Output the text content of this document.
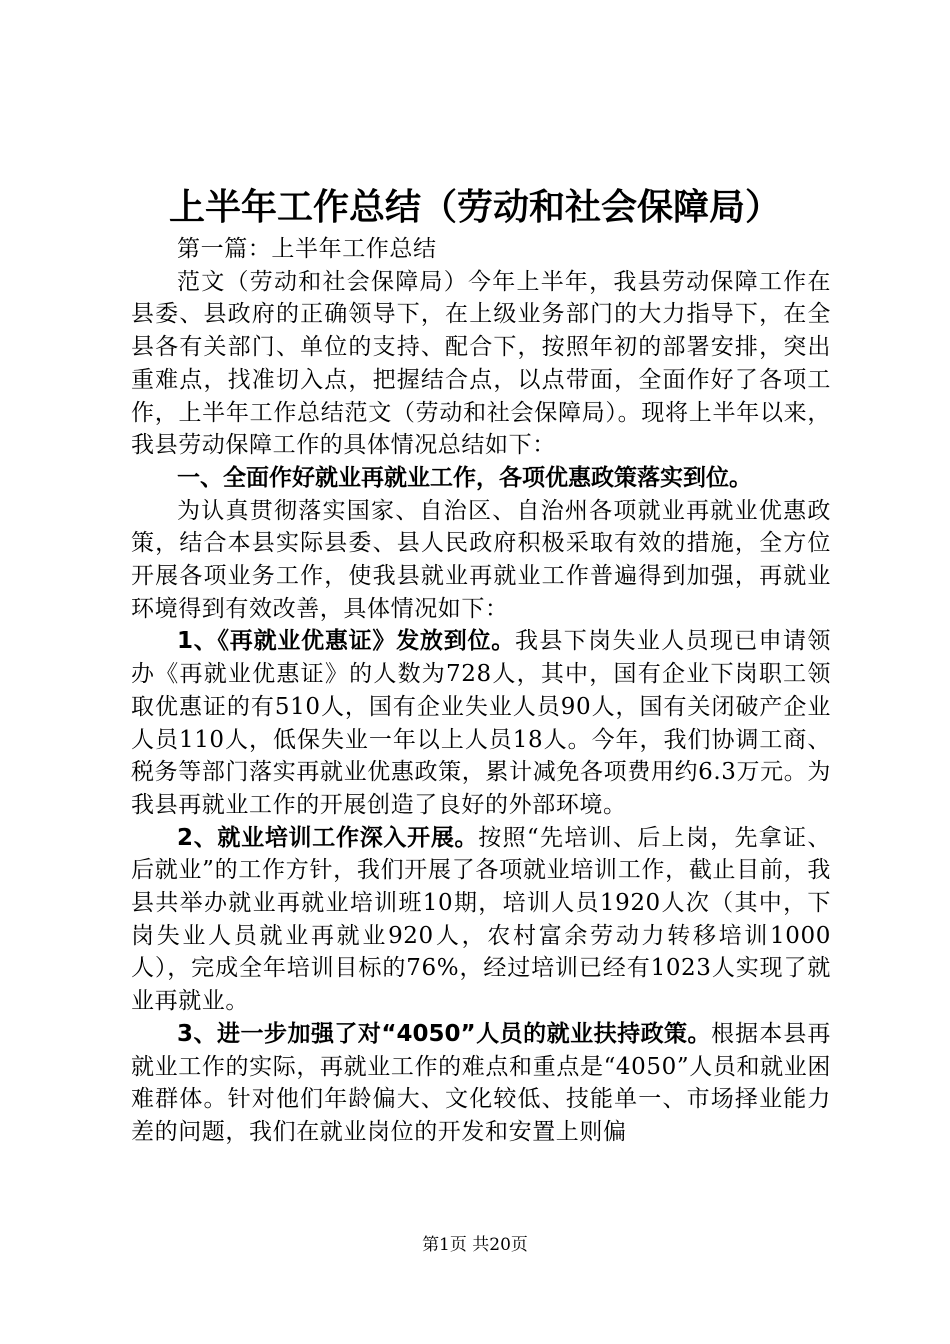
上半年工作总结（劳动和社会保障局）

第一篇：上半年工作总结

范文（劳动和社会保障局）今年上半年，我县劳动保障工作在县委、县政府的正确领导下，在上级业务部门的大力指导下，在全县各有关部门、单位的支持、配合下，按照年初的部署安排，突出重难点，找准切入点，把握结合点，以点带面，全面作好了各项工作，上半年工作总结范文（劳动和社会保障局）。现将上半年以来，我县劳动保障工作的具体情况总结如下：

一、全面作好就业再就业工作，各项优惠政策落实到位。

为认真贯彻落实国家、自治区、自治州各项就业再就业优惠政策，结合本县实际县委、县人民政府积极采取有效的措施，全方位开展各项业务工作，使我县就业再就业工作普遍得到加强，再就业环境得到有效改善，具体情况如下：

1、《再就业优惠证》发放到位。我县下岗失业人员现已申请领办《再就业优惠证》的人数为728人，其中，国有企业下岗职工领取优惠证的有510人，国有企业失业人员90人，国有关闭破产企业人员110人，低保失业一年以上人员18人。今年，我们协调工商、税务等部门落实再就业优惠政策，累计减免各项费用约6.3万元。为我县再就业工作的开展创造了良好的外部环境。

2、就业培训工作深入开展。按照“先培训、后上岗，先拿证、后就业”的工作方针，我们开展了各项就业培训工作，截止目前，我县共举办就业再就业培训班10期，培训人员1920人次（其中，下岗失业人员就业再就业920人，农村富余劳动力转移培训1000人），完成全年培训目标的76%，经过培训已经有1023人实现了就业再就业。

3、进一步加强了对“4050”人员的就业扶持政策。根据本县再就业工作的实际，再就业工作的难点和重点是“4050”人员和就业困难群体。针对他们年龄偏大、文化较低、技能单一、市场择业能力差的问题，我们在就业岗位的开发和安置上则偏

第1页 共20页
